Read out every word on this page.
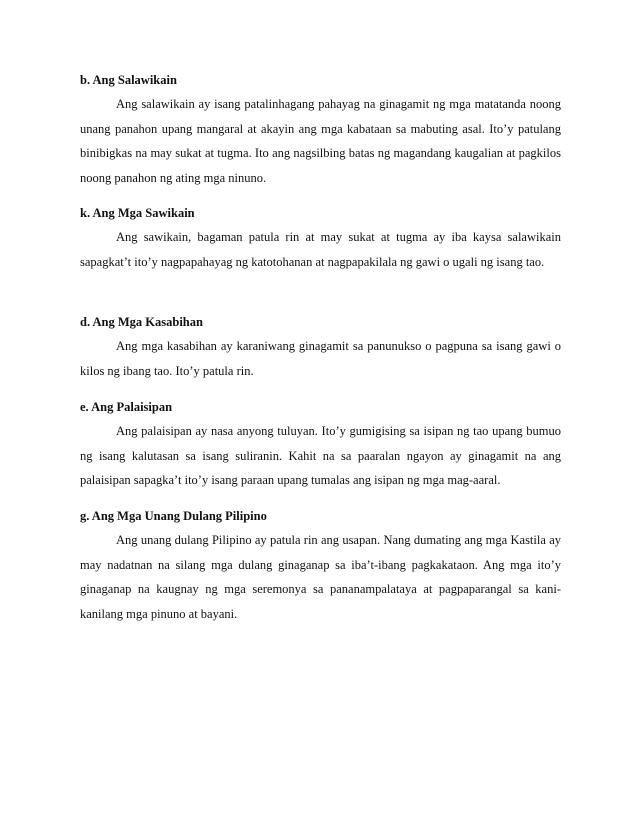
b. Ang Salawikain

Ang salawikain ay isang patalinhagang pahayag na ginagamit ng mga matatanda noong unang panahon upang mangaral at akayin ang mga kabataan sa mabuting asal. Ito’y patulang binibigkas na may sukat at tugma. Ito ang nagsilbing batas ng magandang kaugalian at pagkilos noong panahon ng ating mga ninuno.

k. Ang Mga Sawikain

Ang sawikain, bagaman patula rin at may sukat at tugma ay iba kaysa salawikain sapagkat’t ito’y nagpapahayag ng katotohanan at nagpapakilala ng gawi o ugali ng isang tao.

d. Ang Mga Kasabihan

Ang mga kasabihan ay karaniwang ginagamit sa panunukso o pagpuna sa isang gawi o kilos ng ibang tao. Ito’y patula rin.

e. Ang Palaisipan

Ang palaisipan ay nasa anyong tuluyan. Ito’y gumigising sa isipan ng tao upang bumuo ng isang kalutasan sa isang suliranin. Kahit na sa paaralan ngayon ay ginagamit na ang palaisipan sapagka’t ito’y isang paraan upang tumalas ang isipan ng mga mag-aaral.

g. Ang Mga Unang Dulang Pilipino

Ang unang dulang Pilipino ay patula rin ang usapan. Nang dumating ang mga Kastila ay may nadatnan na silang mga dulang ginaganap sa iba’t-ibang pagkakataon. Ang mga ito’y ginaganap na kaugnay ng mga seremonya sa pananampalataya at pagpaparangal sa kani-kanilang mga pinuno at bayani.
